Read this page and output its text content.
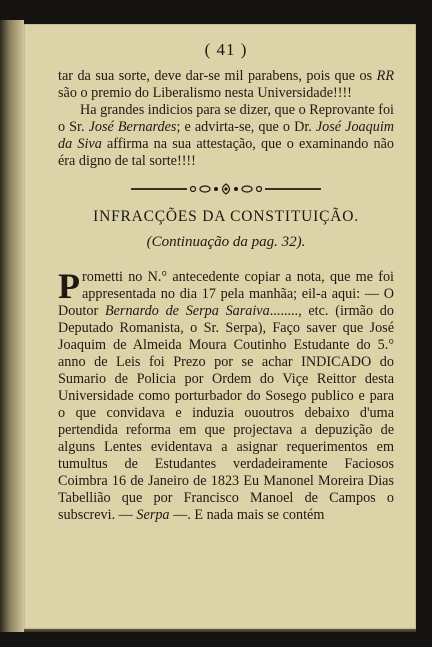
( 41 )

tar da sua sorte, deve dar-se mil parabens, pois que os RR são o premio do Liberalismo nesta Universidade!!!!

Ha grandes indicios para se dizer, que o Reprovante foi o Sr. José Bernardes; e advirta-se, que o Dr. José Joaquim da Siva affirma na sua attestação, que o examinando não éra digno de tal sorte!!!!

INFRACÇÕES DA CONSTITUIÇÃO.
(Continuação da pag. 32).

Prometti no N.° antecedente copiar a nota, que me foi appresentada no dia 17 pela manhãa; eil-a aqui: — O Doutor Bernardo de Serpa Saraiva........, etc. (irmão do Deputado Romanista, o Sr. Serpa), Faço saver que José Joaquim de Almeida Moura Coutinho Estudante do 5.° anno de Leis foi Prezo por se achar INDICADO do Sumario de Policia por Ordem do Viçe Reittor desta Universidade como porturbador do Sosego publico e para o que convidava e induzia ououtros debaixo d'uma pertendida reforma em que projectava a depuzição de alguns Lentes evidentava a asignar requerimentos em tumultus de Estudantes verdadeiramente Faciosos Coimbra 16 de Janeiro de 1823 Eu Manonel Moreira Dias Tabellião que por Francisco Manoel de Campos o subscrevi. — Serpa —. E nada mais se contém
